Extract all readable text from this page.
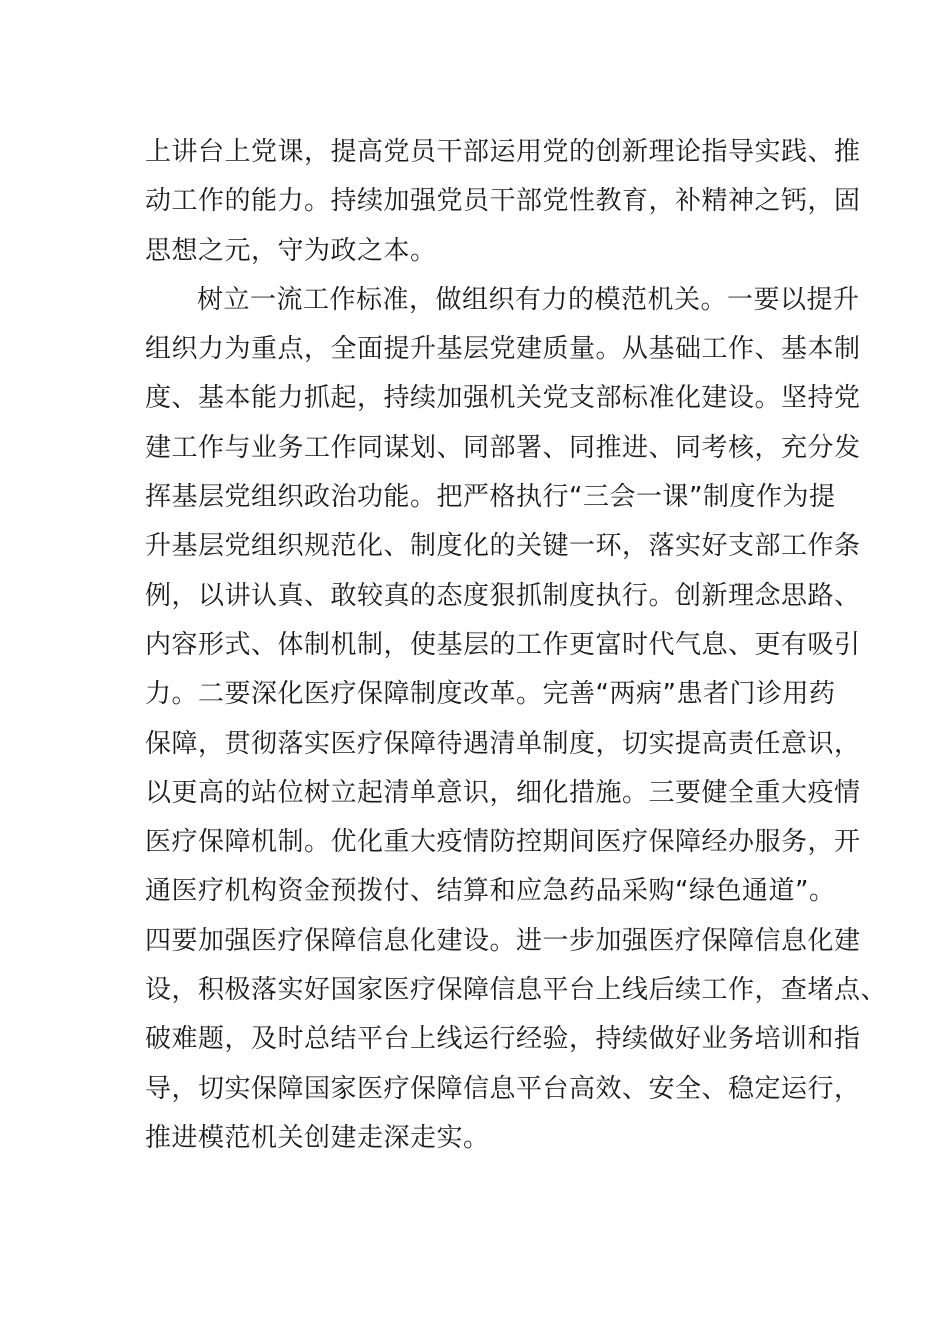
上讲台上党课，提高党员干部运用党的创新理论指导实践、推
动工作的能力。持续加强党员干部党性教育，补精神之钙，固
思想之元，守为政之本。
树立一流工作标准，做组织有力的模范机关。一要以提升
组织力为重点，全面提升基层党建质量。从基础工作、基本制
度、基本能力抓起，持续加强机关党支部标准化建设。坚持党
建工作与业务工作同谋划、同部署、同推进、同考核，充分发
挥基层党组织政治功能。把严格执行“三会一课”制度作为提
升基层党组织规范化、制度化的关键一环，落实好支部工作条
例，以讲认真、敢较真的态度狠抓制度执行。创新理念思路、
内容形式、体制机制，使基层的工作更富时代气息、更有吸引
力。二要深化医疗保障制度改革。完善“两病”患者门诊用药
保障，贯彻落实医疗保障待遇清单制度，切实提高责任意识，
以更高的站位树立起清单意识，细化措施。三要健全重大疫情
医疗保障机制。优化重大疫情防控期间医疗保障经办服务，开
通医疗机构资金预拨付、结算和应急药品采购“绿色通道”。
四要加强医疗保障信息化建设。进一步加强医疗保障信息化建
设，积极落实好国家医疗保障信息平台上线后续工作，查堵点、
破难题，及时总结平台上线运行经验，持续做好业务培训和指
导，切实保障国家医疗保障信息平台高效、安全、稳定运行，
推进模范机关创建走深走实。
